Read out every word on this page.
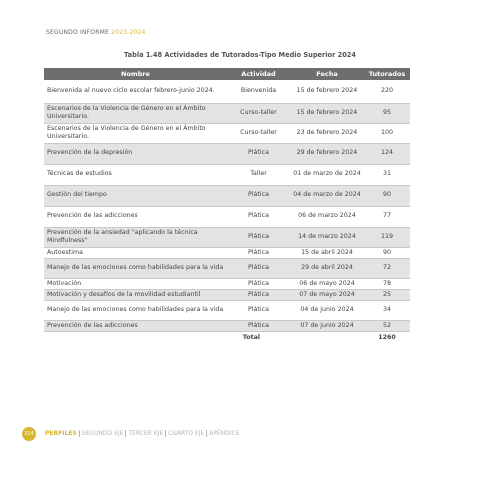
SEGUNDO INFORME 2023-2024
Tabla 1.48 Actividades de Tutorados-Tipo Medio Superior 2024
Nombre	Actividad	Fecha	Tutorados
Bienvenida al nuevo ciclo escolar febrero-junio 2024.	Bienvenida	15 de febrero 2024	220
Escenarios de la Violencia de Género en el Ámbito Universitario.	Curso-taller	15 de febrero 2024	95
Escenarios de la Violencia de Género en el Ámbito Universitario.	Curso-taller	23 de febrero 2024	100
Prevención de la depresión	Plática	29 de febrero 2024	124
Técnicas de estudios	Taller	01 de marzo de 2024	31
Gestión del tiempo	Plática	04 de marzo de 2024	90
Prevención de las adicciones	Plática	06 de marzo 2024	77
Prevención de la ansiedad "aplicando la técnica Mindfulness"	Plática	14 de marzo 2024	119
Autoestima	Plática	15 de abril 2024	90
Manejo de las emociones como habilidades para la vida	Plática	29 de abril 2024	72
Motivación	Plática	06 de mayo 2024	78
Motivación y desafíos de la movilidad estudiantil	Plática	07 de mayo 2024	25
Manejo de las emociones como habilidades para la vida	Plática	04 de junio 2024	34
Prevención de las adicciones	Plática	07 de junio 2024	52
Total			1260
324	PERFILES SEGUNDO EJE TERCER EJE CUARTO EJE APÉNDICE
